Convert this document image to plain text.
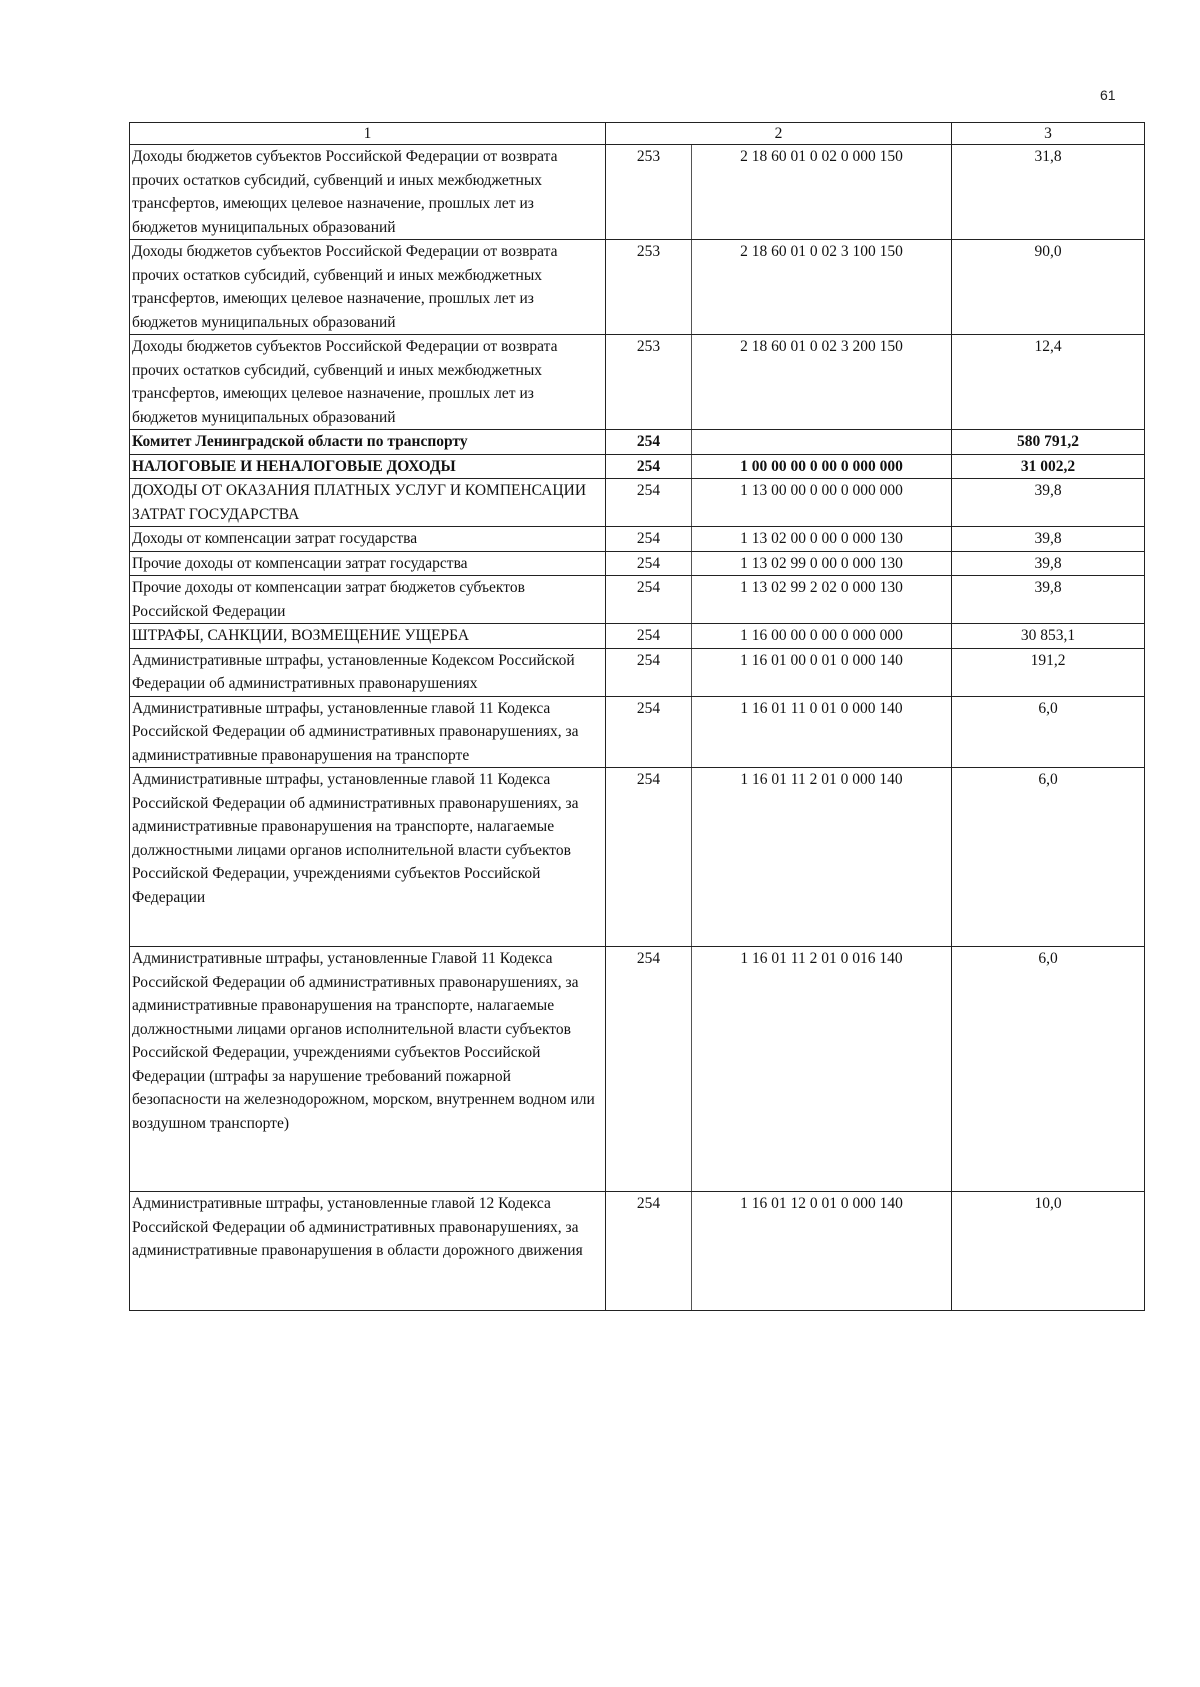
61
1	2		3
Доходы бюджетов субъектов Российской Федерации от возврата прочих остатков субсидий, субвенций и иных межбюджетных трансфертов, имеющих целевое назначение, прошлых лет из бюджетов муниципальных образований	253	2 18 60 01 0 02 0 000 150	31,8
Доходы бюджетов субъектов Российской Федерации от возврата прочих остатков субсидий, субвенций и иных межбюджетных трансфертов, имеющих целевое назначение, прошлых лет из бюджетов муниципальных образований	253	2 18 60 01 0 02 3 100 150	90,0
Доходы бюджетов субъектов Российской Федерации от возврата прочих остатков субсидий, субвенций и иных межбюджетных трансфертов, имеющих целевое назначение, прошлых лет из бюджетов муниципальных образований	253	2 18 60 01 0 02 3 200 150	12,4
Комитет Ленинградской области по транспорту	254		580 791,2
НАЛОГОВЫЕ И НЕНАЛОГОВЫЕ ДОХОДЫ	254	1 00 00 00 0 00 0 000 000	31 002,2
ДОХОДЫ ОТ ОКАЗАНИЯ ПЛАТНЫХ УСЛУГ И КОМПЕНСАЦИИ ЗАТРАТ ГОСУДАРСТВА	254	1 13 00 00 0 00 0 000 000	39,8
Доходы от компенсации затрат государства	254	1 13 02 00 0 00 0 000 130	39,8
Прочие доходы от компенсации затрат государства	254	1 13 02 99 0 00 0 000 130	39,8
Прочие доходы от компенсации затрат бюджетов субъектов Российской Федерации	254	1 13 02 99 2 02 0 000 130	39,8
ШТРАФЫ, САНКЦИИ, ВОЗМЕЩЕНИЕ УЩЕРБА	254	1 16 00 00 0 00 0 000 000	30 853,1
Административные штрафы, установленные Кодексом Российской Федерации об административных правонарушениях	254	1 16 01 00 0 01 0 000 140	191,2
Административные штрафы, установленные главой 11 Кодекса Российской Федерации об административных правонарушениях, за административные правонарушения на транспорте	254	1 16 01 11 0 01 0 000 140	6,0
Административные штрафы, установленные главой 11 Кодекса Российской Федерации об административных правонарушениях, за административные правонарушения на транспорте, налагаемые должностными лицами органов исполнительной власти субъектов Российской Федерации, учреждениями субъектов Российской Федерации	254	1 16 01 11 2 01 0 000 140	6,0
Административные штрафы, установленные Главой 11 Кодекса Российской Федерации об административных правонарушениях, за административные правонарушения на транспорте, налагаемые должностными лицами органов исполнительной власти субъектов Российской Федерации, учреждениями субъектов Российской Федерации (штрафы за нарушение требований пожарной безопасности на железнодорожном, морском, внутреннем водном или воздушном транспорте)	254	1 16 01 11 2 01 0 016 140	6,0
Административные штрафы, установленные главой 12 Кодекса Российской Федерации об административных правонарушениях, за административные правонарушения в области дорожного движения	254	1 16 01 12 0 01 0 000 140	10,0
